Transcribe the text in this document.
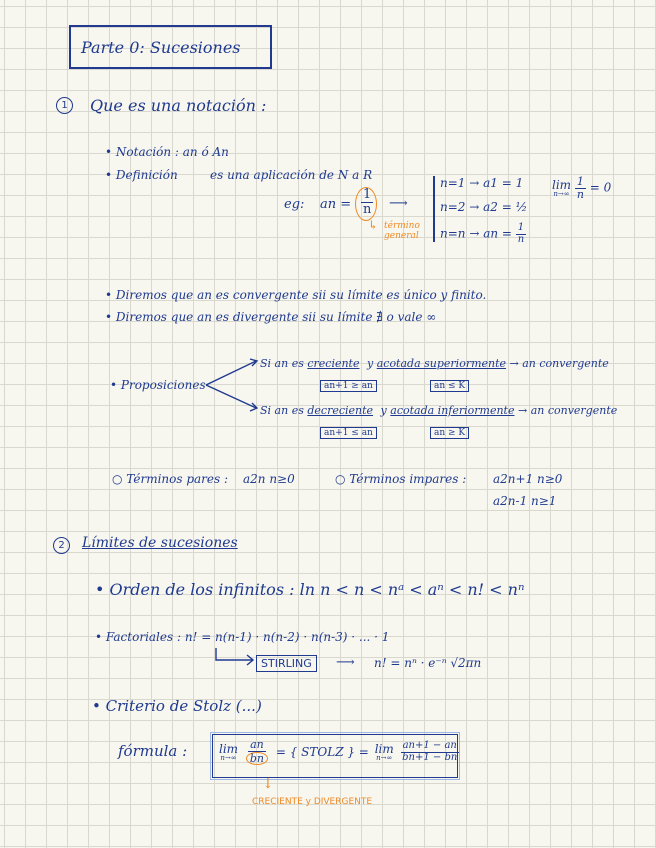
Parte 0: Sucesiones
1	Que es una notación :
• Notación : an ó An
• Definición	es una aplicación de N a R
eg: an = $\frac{1}{n}$
↳ término general
⟶
n=1 → a1 = 1
n=2 → a2 = ½
n=n → an = $\frac{1}{n}$
lim
n→∞
$\frac{1}{n} = 0$
• Diremos que an es convergente sii su límite es único y finito.
• Diremos que an es divergente sii su límite ∄ o vale ∞
• Proposiciones
Si an es creciente y acotada superiormente → an convergente
an+1 ≥ an	an ≤ K
Si an es decreciente y acotada inferiormente → an convergente
an+1 ≤ an	an ≥ K
○ Términos pares : a2n n≥0	○ Términos impares : a2n+1 n≥0
a2n-1 n≥1
2	Límites de sucesiones
• Orden de los infinitos : ln n < n < nᵃ < aⁿ < n! < nⁿ
• Factoriales : n! = n(n-1) · n(n-2) · n(n-3) · ... · 1
STIRLING	⟶ n! = nⁿ · e⁻ⁿ √2πn
• Criterio de Stolz (...)
fórmula :	lim
n→∞
$\frac{an}{bn}$ = { STOLZ } = lim
n→∞
$\frac{an+1 - an}{bn+1 - bn}$
↓
CRECIENTE y DIVERGENTE
